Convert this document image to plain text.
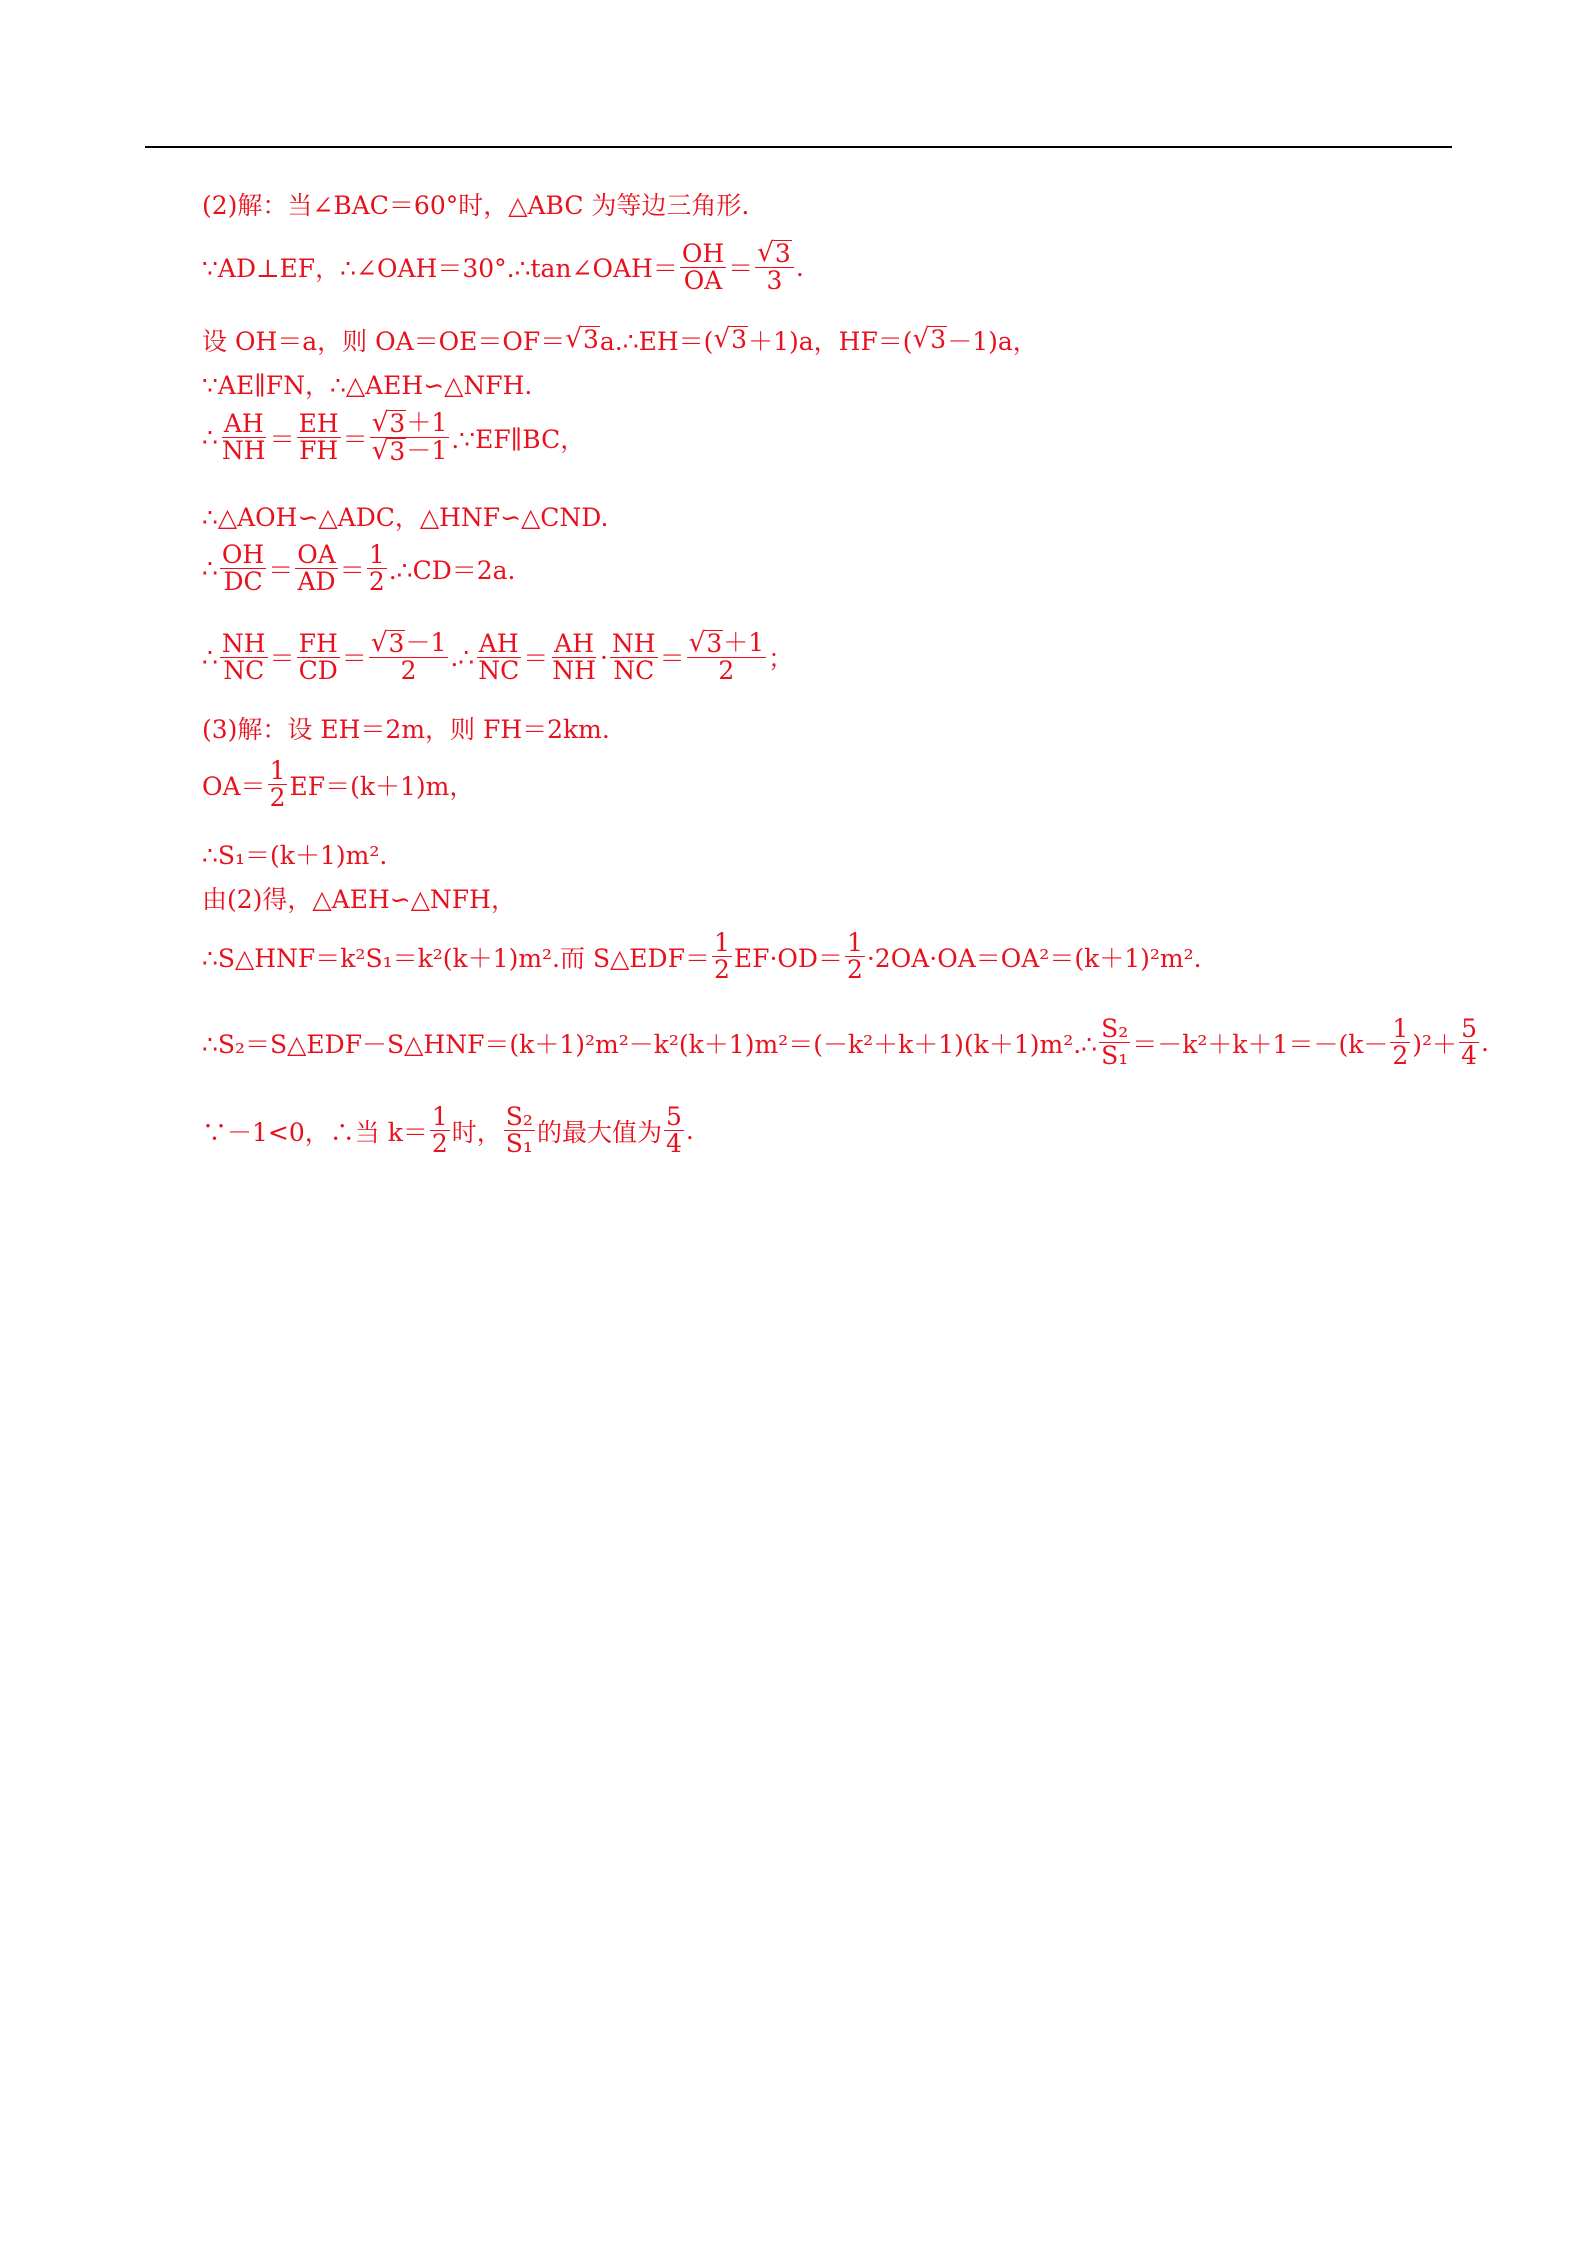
(2)解：当∠BAC＝60°时，△ABC 为等边三角形.
∵AD⊥EF，∴∠OAH＝30°.∴tan∠OAH＝ $\frac{OH}{OA} = \frac{√ 3}{3}$ .
设 OH＝a，则 OA＝OE＝OF＝ √ 3 a.∴EH＝( √ 3 ＋1)a，HF＝( √ 3 －1)a，
∵AE∥FN，∴△AEH∽△NFH.
∴ $\frac{AH}{NH} = \frac{EH}{FH} = \frac{√ 3 +1}{√ 3 -1}$ .∵EF∥BC，
∴△AOH∽△ADC，△HNF∽△CND.
∴ $\frac{OH}{DC} = \frac{OA}{AD} = \frac{1}{2}$ .∴CD＝2a.
∴ $\frac{NH}{NC} = \frac{FH}{CD} = \frac{√ 3 -1}{2}$ .∴ $\frac{AH}{NC} = \frac{AH}{NH} \cdot \frac{NH}{NC} = \frac{√ 3 +1}{2}$ ；
(3)解：设 EH＝2m，则 FH＝2km.
$OA= \frac{1}{2} EF=(k+1)m$，
∴S₁＝(k＋1)m².
由(2)得，△AEH∽△NFH，
∴S△HNF＝k²S₁＝k²(k＋1)m².而 S△EDF＝ $\frac{1}{2} EF\cdot OD= \frac{1}{2} \cdot 2OA\cdot OA=OA^2=(k+1)^2m^2$.
∴S₂＝S△EDF－S△HNF＝(k＋1)²m²－k²(k＋1)m²＝(－k²＋k＋1)(k＋1)m².∴ $\frac{\text{S₂}}{\text{S₁}} =-k^2+k+1=-(k- \frac{1}{2} )^2+ \frac{5}{4}$ .
∵－1<0，∴当 $k= \frac{1}{2}$ 时， $\frac{\text{S₂}}{\text{S₁}}$ 的最大值为 $\frac{5}{4}$ .
